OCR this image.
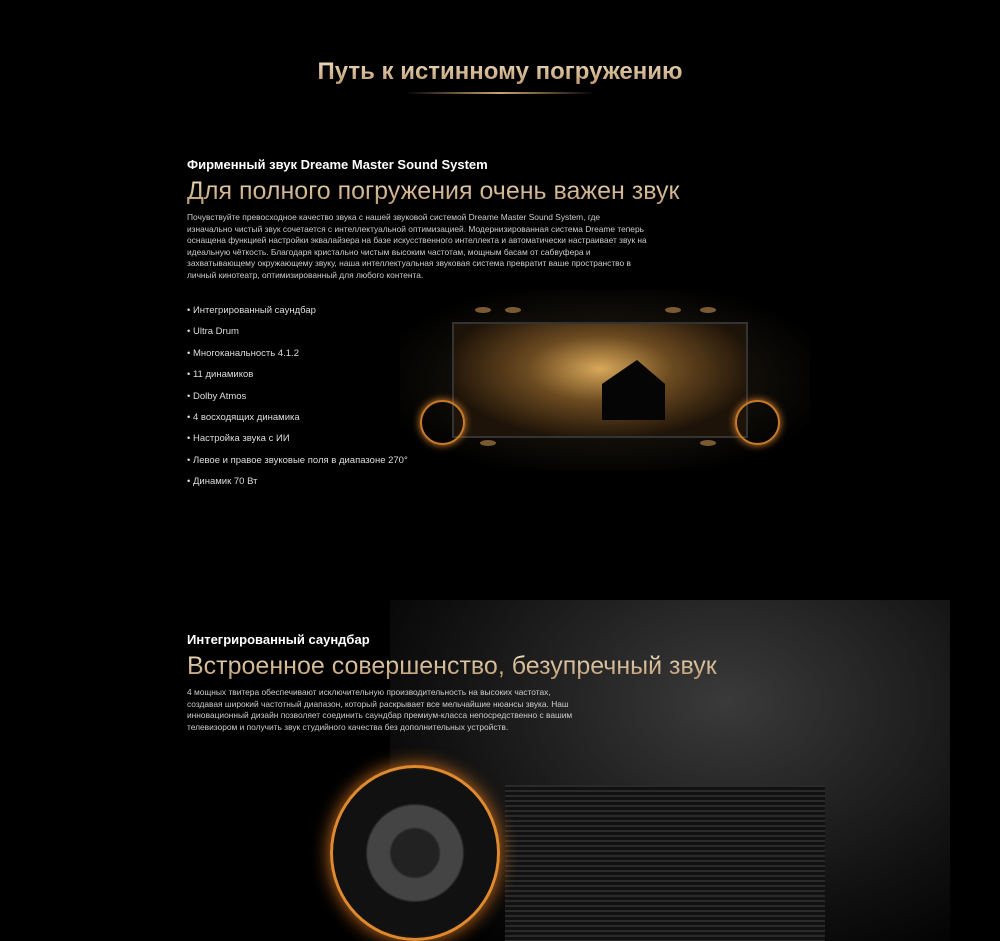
Путь к истинному погружению
Фирменный звук Dreame Master Sound System
Для полного погружения очень важен звук
Почувствуйте превосходное качество звука с нашей звуковой системой Dreame Master Sound System, где изначально чистый звук сочетается с интеллектуальной оптимизацией. Модернизированная система Dreame теперь оснащена функцией настройки эквалайзера на базе искусственного интеллекта и автоматически настраивает звук на идеальную чёткость. Благодаря кристально чистым высоким частотам, мощным басам от сабвуфера и захватывающему окружающему звуку, наша интеллектуальная звуковая система превратит ваше пространство в личный кинотеатр, оптимизированный для любого контента.
• Интегрированный саундбар
• Ultra Drum
• Многоканальность 4.1.2
• 11 динамиков
• Dolby Atmos
• 4 восходящих динамика
• Настройка звука с ИИ
• Левое и правое звуковые поля в диапазоне 270°
• Динамик 70 Вт
Интегрированный саундбар
Встроенное совершенство, безупречный звук
4 мощных твитера обеспечивают исключительную производительность на высоких частотах, создавая широкий частотный диапазон, который раскрывает все мельчайшие нюансы звука. Наш инновационный дизайн позволяет соединить саундбар премиум-класса непосредственно с вашим телевизором и получить звук студийного качества без дополнительных устройств.
